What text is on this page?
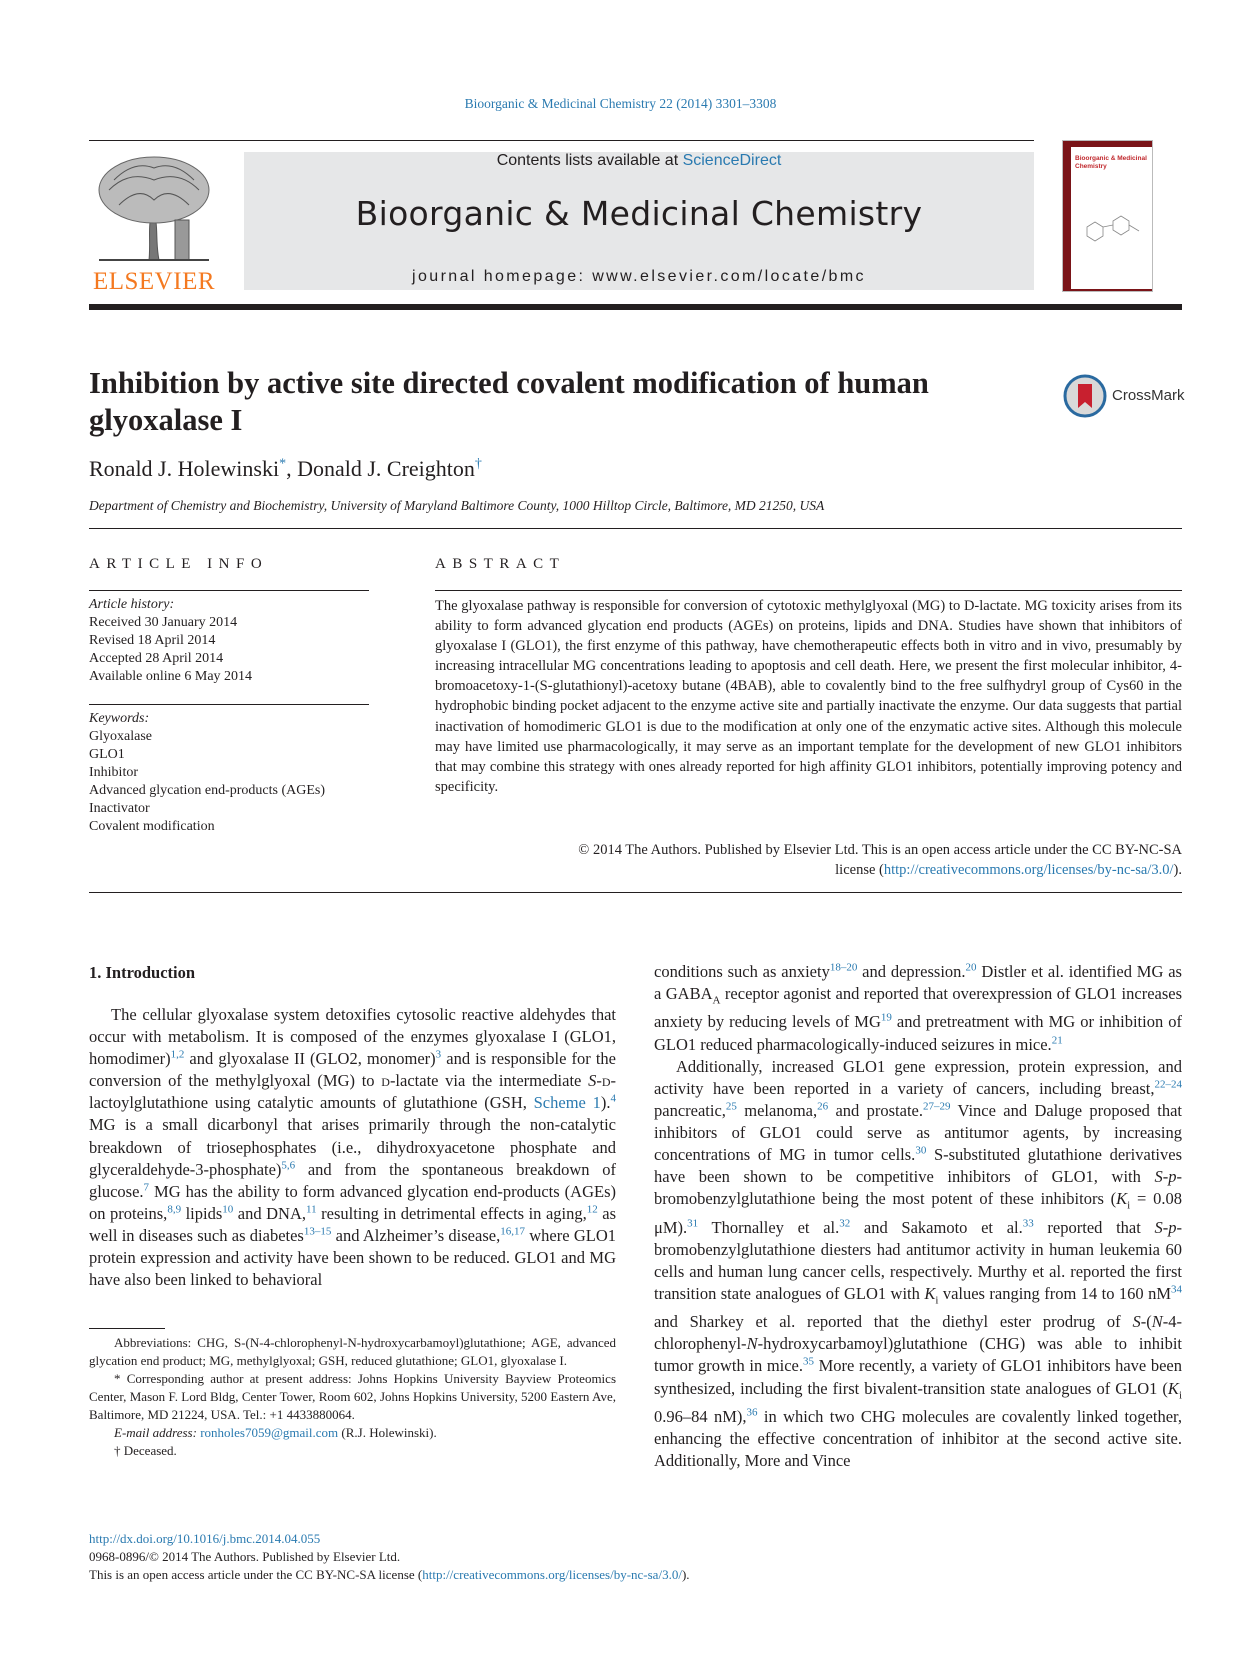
Bioorganic & Medicinal Chemistry 22 (2014) 3301–3308
ELSEVIER
Contents lists available at ScienceDirect
Bioorganic & Medicinal Chemistry
journal homepage: www.elsevier.com/locate/bmc
Bioorganic & Medicinal Chemistry
Inhibition by active site directed covalent modification of human glyoxalase I
CrossMark
Ronald J. Holewinski*, Donald J. Creighton†
Department of Chemistry and Biochemistry, University of Maryland Baltimore County, 1000 Hilltop Circle, Baltimore, MD 21250, USA
ARTICLE INFO	ABSTRACT
Article history:
Received 30 January 2014
Revised 18 April 2014
Accepted 28 April 2014
Available online 6 May 2014
Keywords:
Glyoxalase
GLO1
Inhibitor
Advanced glycation end-products (AGEs)
Inactivator
Covalent modification
The glyoxalase pathway is responsible for conversion of cytotoxic methylglyoxal (MG) to D-lactate. MG toxicity arises from its ability to form advanced glycation end products (AGEs) on proteins, lipids and DNA. Studies have shown that inhibitors of glyoxalase I (GLO1), the first enzyme of this pathway, have chemotherapeutic effects both in vitro and in vivo, presumably by increasing intracellular MG concentrations leading to apoptosis and cell death. Here, we present the first molecular inhibitor, 4-bromoacetoxy-1-(S-glutathionyl)-acetoxy butane (4BAB), able to covalently bind to the free sulfhydryl group of Cys60 in the hydrophobic binding pocket adjacent to the enzyme active site and partially inactivate the enzyme. Our data suggests that partial inactivation of homodimeric GLO1 is due to the modification at only one of the enzymatic active sites. Although this molecule may have limited use pharmacologically, it may serve as an important template for the development of new GLO1 inhibitors that may combine this strategy with ones already reported for high affinity GLO1 inhibitors, potentially improving potency and specificity.
© 2014 The Authors. Published by Elsevier Ltd. This is an open access article under the CC BY-NC-SA
license (http://creativecommons.org/licenses/by-nc-sa/3.0/).
1. Introduction

The cellular glyoxalase system detoxifies cytosolic reactive aldehydes that occur with metabolism. It is composed of the enzymes glyoxalase I (GLO1, homodimer)$^{1,2}$ and glyoxalase II (GLO2, monomer)$^3$ and is responsible for the conversion of the methylglyoxal (MG) to d-lactate via the intermediate S-d-lactoylglutathione using catalytic amounts of glutathione (GSH, Scheme 1).$^4$ MG is a small dicarbonyl that arises primarily through the non-catalytic breakdown of triosephosphates (i.e., dihydroxyacetone phosphate and glyceraldehyde-3-phosphate)$^{5,6}$ and from the spontaneous breakdown of glucose.$^7$ MG has the ability to form advanced glycation end-products (AGEs) on proteins,$^{8,9}$ lipids$^{10}$ and DNA,$^{11}$ resulting in detrimental effects in aging,$^{12}$ as well in diseases such as diabetes$^{13-15}$ and Alzheimer’s disease,$^{16,17}$ where GLO1 protein expression and activity have been shown to be reduced. GLO1 and MG have also been linked to behavioral

conditions such as anxiety$^{18-20}$ and depression.$^{20}$ Distler et al. identified MG as a $GABA_A$ receptor agonist and reported that overexpression of GLO1 increases anxiety by reducing levels of MG$^{19}$ and pretreatment with MG or inhibition of GLO1 reduced pharmacologically-induced seizures in mice.$^{21}$

Additionally, increased GLO1 gene expression, protein expression, and activity have been reported in a variety of cancers, including breast,$^{22-24}$ pancreatic,$^{25}$ melanoma,$^{26}$ and prostate.$^{27-29}$ Vince and Daluge proposed that inhibitors of GLO1 could serve as antitumor agents, by increasing concentrations of MG in tumor cells.$^{30}$ S-substituted glutathione derivatives have been shown to be competitive inhibitors of GLO1, with S-p-bromobenzylglutathione being the most potent of these inhibitors ($K_i = 0.08$ μM).$^{31}$ Thornalley et al.$^{32}$ and Sakamoto et al.$^{33}$ reported that S-p-bromobenzylglutathione diesters had antitumor activity in human leukemia 60 cells and human lung cancer cells, respectively. Murthy et al. reported the first transition state analogues of GLO1 with $K_i$ values ranging from 14 to 160 $nM^{34}$ and Sharkey et al. reported that the diethyl ester prodrug of S-(N-4-chlorophenyl-N-hydroxycarbamoyl)glutathione (CHG) was able to inhibit tumor growth in mice.$^{35}$ More recently, a variety of GLO1 inhibitors have been synthesized, including the first bivalent-transition state analogues of GLO1 ($K_i$ 0.96–84 nM),$^{36}$ in which two CHG molecules are covalently linked together, enhancing the effective concentration of inhibitor at the second active site. Additionally, More and Vince

Abbreviations: CHG, S-(N-4-chlorophenyl-N-hydroxycarbamoyl)glutathione; AGE, advanced glycation end product; MG, methylglyoxal; GSH, reduced glutathione; GLO1, glyoxalase I.

* Corresponding author at present address: Johns Hopkins University Bayview Proteomics Center, Mason F. Lord Bldg, Center Tower, Room 602, Johns Hopkins University, 5200 Eastern Ave, Baltimore, MD 21224, USA. Tel.: +1 4433880064.

E-mail address: ronholes7059@gmail.com (R.J. Holewinski).

† Deceased.

http://dx.doi.org/10.1016/j.bmc.2014.04.055
0968-0896/© 2014 The Authors. Published by Elsevier Ltd.
This is an open access article under the CC BY-NC-SA license (http://creativecommons.org/licenses/by-nc-sa/3.0/).
